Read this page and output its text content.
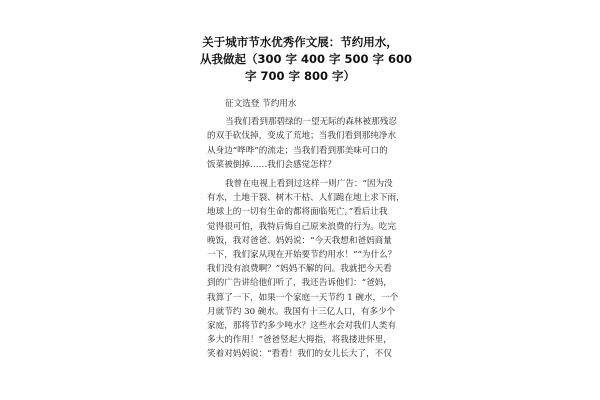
关于城市节水优秀作文展：节约用水，
从我做起（300 字 400 字 500 字 600
字 700 字 800 字）

征文选登 节约用水

当我们看到那碧绿的一望无际的森林被那残忍
的双手砍伐掉，变成了荒地；当我们看到那纯净水
从身边“哗哗”的流走；当我们看到那美味可口的
饭菜被倒掉……我们会感觉怎样？

我曾在电视上看到过这样一则广告：“因为没
有水，土地干裂、树木干枯、人们跪在地上求下雨，
地球上的一切有生命的都将面临死亡。”看后让我
觉得很可怕，我特后悔自己原来浪费的行为。吃完
晚饭，我对爸爸、妈妈说：“今天我想和爸妈商量
一下，我们家从现在开始要节约用水！”“为什么？
我们没有浪费啊？”妈妈不解的问。我就把今天看
到的广告讲给他们听了，我还告诉他们：“爸妈，
我算了一下，如果一个家庭一天节约 1 碗水，一个
月就节约 30 碗水。我国有十三亿人口，有多少个
家庭，那将节约多少吨水？这些水会对我们人类有
多大的作用！”爸爸竖起大拇指，将我搂进怀里，
笑着对妈妈说：“看看！我们的女儿长大了，不仅
